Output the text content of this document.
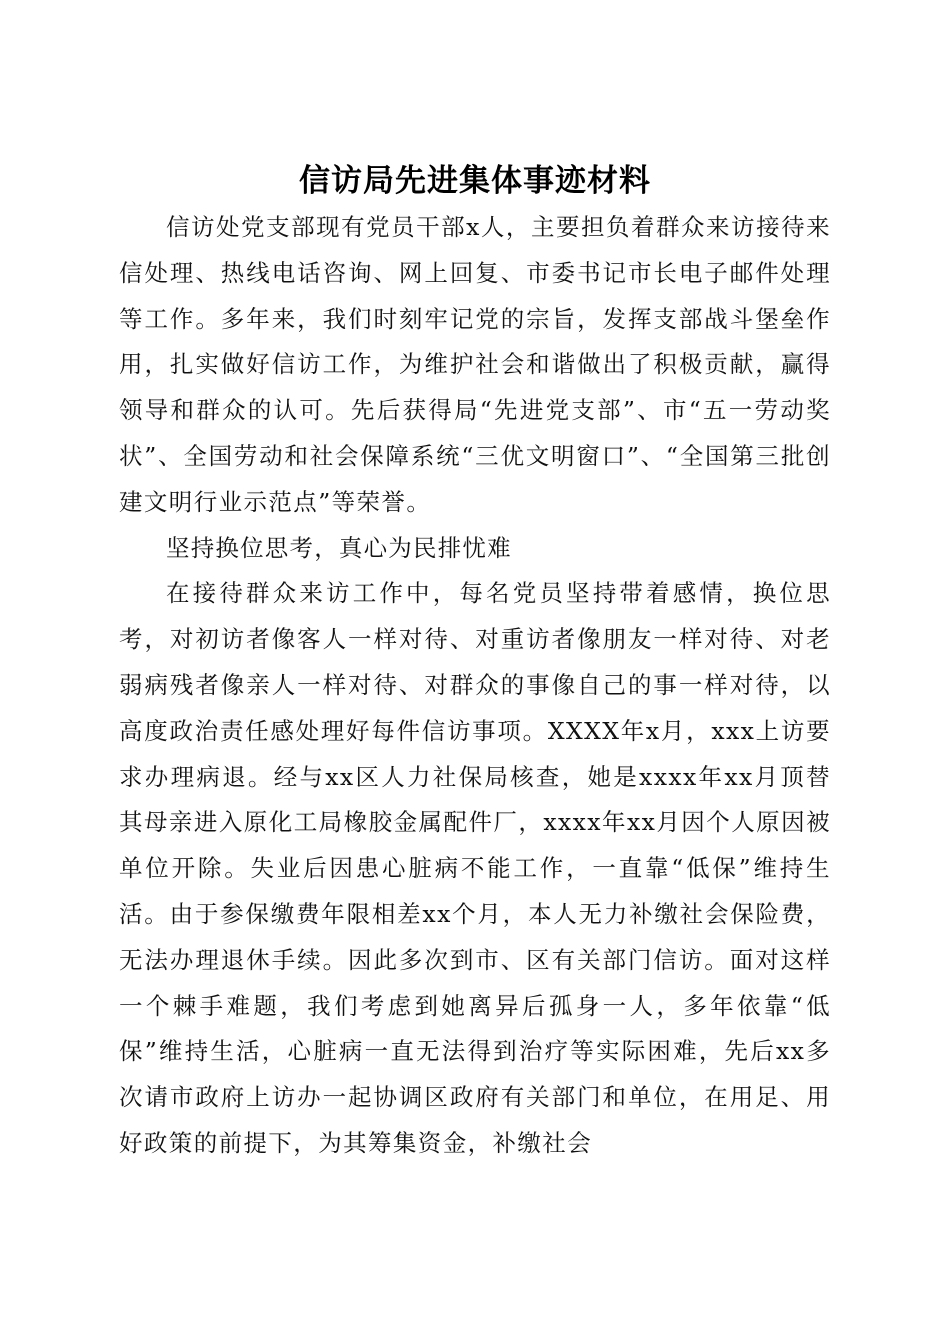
信访局先进集体事迹材料

信访处党支部现有党员干部x人，主要担负着群众来访接待来信处理、热线电话咨询、网上回复、市委书记市长电子邮件处理等工作。多年来，我们时刻牢记党的宗旨，发挥支部战斗堡垒作用，扎实做好信访工作，为维护社会和谐做出了积极贡献，赢得领导和群众的认可。先后获得局“先进党支部”、市“五一劳动奖状”、全国劳动和社会保障系统“三优文明窗口”、“全国第三批创建文明行业示范点”等荣誉。

坚持换位思考，真心为民排忧难

在接待群众来访工作中，每名党员坚持带着感情，换位思考，对初访者像客人一样对待、对重访者像朋友一样对待、对老弱病残者像亲人一样对待、对群众的事像自己的事一样对待，以高度政治责任感处理好每件信访事项。XXXX年x月，xxx上访要求办理病退。经与xx区人力社保局核查，她是xxxx年xx月顶替其母亲进入原化工局橡胶金属配件厂，xxxx年xx月因个人原因被单位开除。失业后因患心脏病不能工作，一直靠“低保”维持生活。由于参保缴费年限相差xx个月，本人无力补缴社会保险费，无法办理退休手续。因此多次到市、区有关部门信访。面对这样一个棘手难题，我们考虑到她离异后孤身一人，多年依靠“低保”维持生活，心脏病一直无法得到治疗等实际困难，先后xx多次请市政府上访办一起协调区政府有关部门和单位，在用足、用好政策的前提下，为其筹集资金，补缴社会
